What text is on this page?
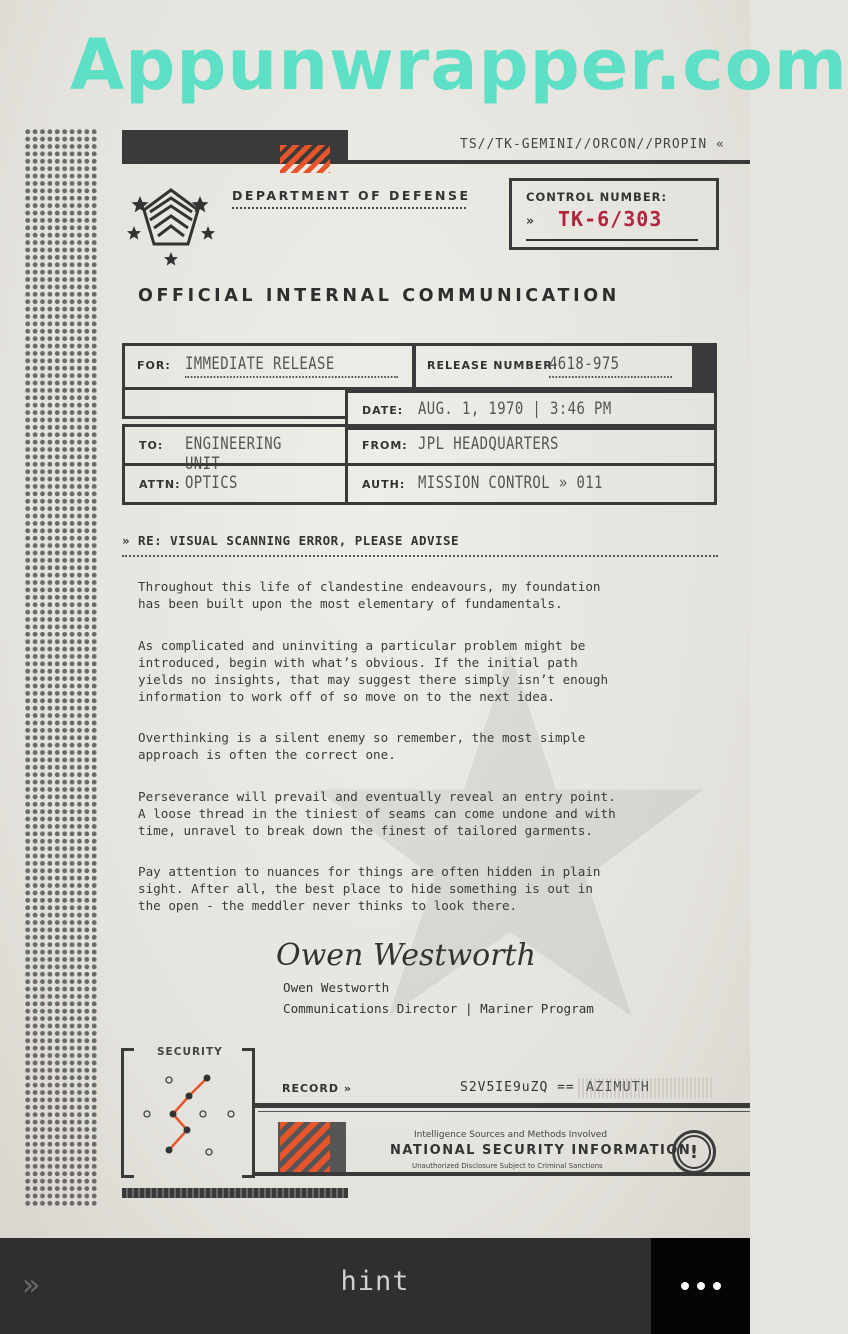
Appunwrapper.com
TS//TK-GEMINI//ORCON//PROPIN «
DEPARTMENT OF DEFENSE	CONTROL NUMBER:
» TK-6/303
OFFICIAL INTERNAL COMMUNICATION
FOR: IMMEDIATE RELEASE	RELEASE NUMBER:
4618-975
DATE: AUG. 1, 1970 | 3:46 PM
TO: ENGINEERING UNIT
FROM: JPL HEADQUARTERS
ATTN: OPTICS	AUTH: MISSION CONTROL » 011
» RE: VISUAL SCANNING ERROR, PLEASE ADVISE
Throughout this life of clandestine endeavours, my foundation
has been built upon the most elementary of fundamentals.
As complicated and uninviting a particular problem might be
introduced, begin with what’s obvious. If the initial path
yields no insights, that may suggest there simply isn’t enough
information to work off of so move on to the next idea.
Overthinking is a silent enemy so remember, the most simple
approach is often the correct one.
Perseverance will prevail and eventually reveal an entry point.
A loose thread in the tiniest of seams can come undone and with
time, unravel to break down the finest of tailored garments.
Pay attention to nuances for things are often hidden in plain
sight. After all, the best place to hide something is out in
the open - the meddler never thinks to look there.
Owen Westworth
Owen Westworth
Communications Director | Mariner Program
SECURITY
RECORD »	S2V5IE9uZQ == AZIMUTH
Intelligence Sources and Methods Involved
NATIONAL SECURITY INFORMATION
Unauthorized Disclosure Subject to Criminal Sanctions
!
»	hint
